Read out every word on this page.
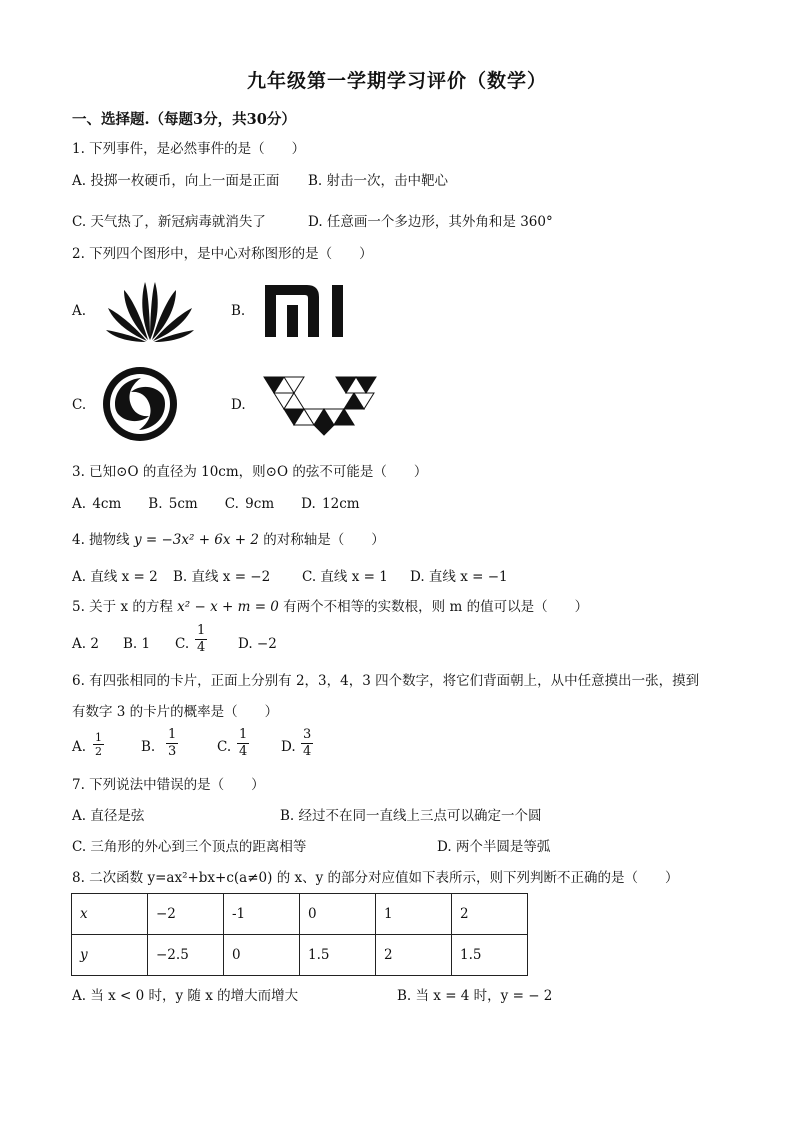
九年级第一学期学习评价（数学）
一、选择题.（每题3分，共30分）
1. 下列事件，是必然事件的是（　　）
A. 投掷一枚硬币，向上一面是正面 B. 射击一次，击中靶心
C. 天气热了，新冠病毒就消失了	D. 任意画一个多边形，其外角和是 360°
2. 下列四个图形中，是中心对称图形的是（　　）
A.	B.
C.	D.
3. 已知⊙O 的直径为 10cm，则⊙O 的弦不可能是（　　）
A. 4cm　　B. 5cm　　C. 9cm　　D. 12cm
4. 抛物线 y = −3x² + 6x + 2 的对称轴是（　　）
A. 直线 x = 2 B. 直线 x = −2 C. 直线 x = 1 D. 直线 x = −1
5. 关于 x 的方程 x² − x + m = 0 有两个不相等的实数根，则 m 的值可以是（　　）
A. 2 B. 1 C. $\frac{1}{4} D$. −2
6. 有四张相同的卡片，正面上分别有 2，3，4，3 四个数字，将它们背面朝上，从中任意摸出一张，摸到
有数字 3 的卡片的概率是（　　）
A. $\frac{1}{2}$	B. $\frac{1}{3}$	C. $\frac{1}{4} D$. $\frac{3}{4}$
7. 下列说法中错误的是（　　）
A. 直径是弦	B. 经过不在同一直线上三点可以确定一个圆
C. 三角形的外心到三个顶点的距离相等	D. 两个半圆是等弧
8. 二次函数 y=ax²+bx+c(a≠0) 的 x、y 的部分对应值如下表所示，则下列判断不正确的是（　　）
x	−2	-1	0	1	2
y	−2.5	0	1.5	2	1.5
A. 当 x < 0 时，y 随 x 的增大而增大	B. 当 x = 4 时，y = − 2
